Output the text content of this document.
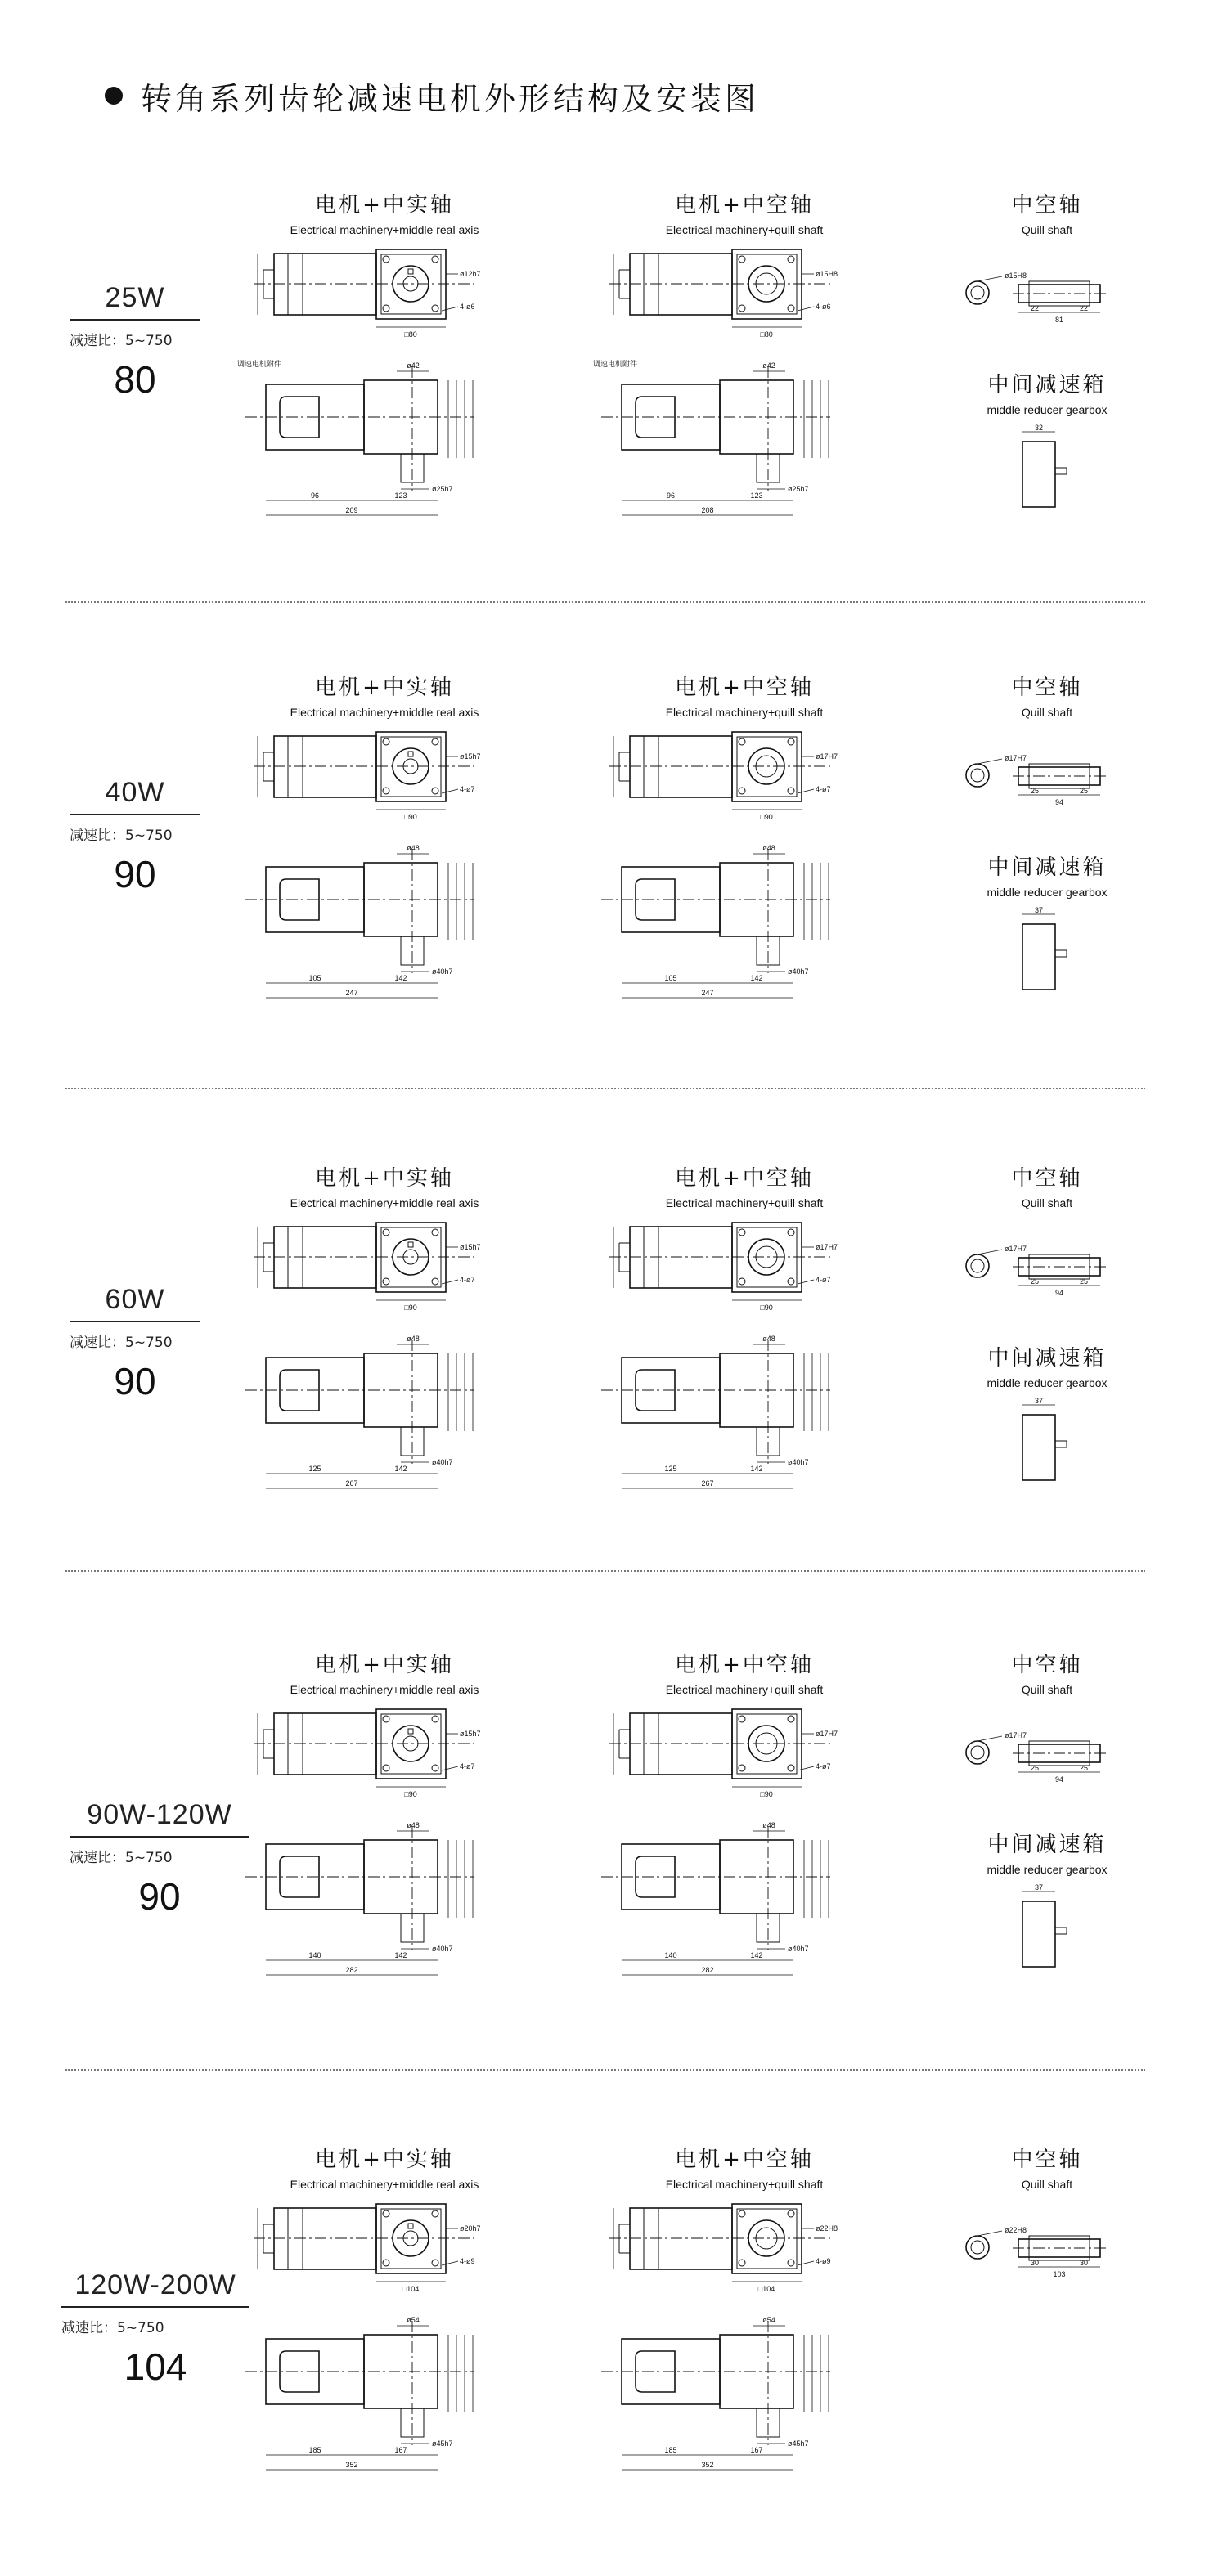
转角系列齿轮减速电机外形结构及安装图
25W
减速比：5~750
80
电机+中实轴
Electrical machinery+middle real axis
电机+中空轴
Electrical machinery+quill shaft
中空轴
Quill shaft
□80
ø12h7
4-ø6
□80
ø15H8
4-ø6
ø42
ø25h7
96	123
209
调速电机附件	ø42
ø25h7
96	123
208
调速电机附件
ø15H8
22	22
81
中间减速箱
middle reducer gearbox
32
40W
减速比：5~750
90
电机+中实轴
Electrical machinery+middle real axis
电机+中空轴
Electrical machinery+quill shaft
中空轴
Quill shaft
□90
ø15h7
4-ø7
□90
ø17H7
4-ø7
ø48
ø40h7
105	142
247
ø48
ø40h7
105	142
247
ø17H7
25	25
94
中间减速箱
middle reducer gearbox
37
60W
减速比：5~750
90
电机+中实轴
Electrical machinery+middle real axis
电机+中空轴
Electrical machinery+quill shaft
中空轴
Quill shaft
□90
ø15h7
4-ø7
□90
ø17H7
4-ø7
ø48
ø40h7
125	142
267
ø48
ø40h7
125	142
267
ø17H7
25	25
94
中间减速箱
middle reducer gearbox
37
90W-120W
减速比：5~750
90
电机+中实轴
Electrical machinery+middle real axis
电机+中空轴
Electrical machinery+quill shaft
中空轴
Quill shaft
□90
ø15h7
4-ø7
□90
ø17H7
4-ø7
ø48
ø40h7
140	142
282
ø48
ø40h7
140	142
282
ø17H7
25	25
94
中间减速箱
middle reducer gearbox
37
120W-200W
减速比：5~750
104
电机+中实轴
Electrical machinery+middle real axis
电机+中空轴
Electrical machinery+quill shaft
中空轴
Quill shaft
□104
ø20h7
4-ø9
□104
ø22H8
4-ø9
ø54
ø45h7
185	167
352
ø54
ø45h7
185	167
352
ø22H8
30	30
103
